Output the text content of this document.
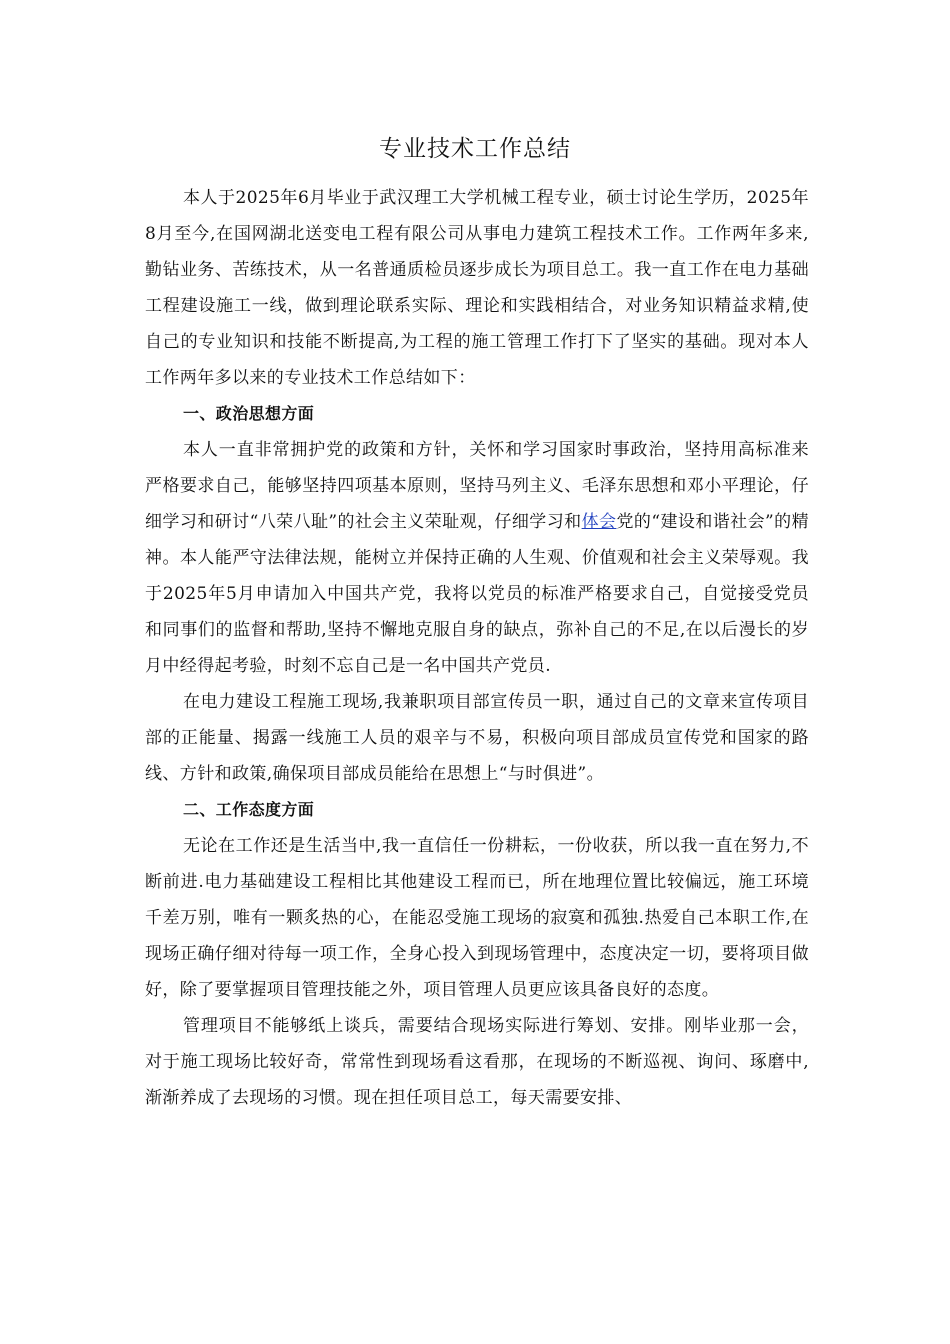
专业技术工作总结

本人于2025年6月毕业于武汉理工大学机械工程专业，硕士讨论生学历，2025年8月至今,在国网湖北送变电工程有限公司从事电力建筑工程技术工作。工作两年多来,勤钻业务、苦练技术，从一名普通质检员逐步成长为项目总工。我一直工作在电力基础工程建设施工一线，做到理论联系实际、理论和实践相结合，对业务知识精益求精,使自己的专业知识和技能不断提高,为工程的施工管理工作打下了坚实的基础。现对本人工作两年多以来的专业技术工作总结如下：

一、政治思想方面

本人一直非常拥护党的政策和方针，关怀和学习国家时事政治，坚持用高标准来严格要求自己，能够坚持四项基本原则，坚持马列主义、毛泽东思想和邓小平理论，仔细学习和研讨“八荣八耻”的社会主义荣耻观，仔细学习和体会党的“建设和谐社会”的精神。本人能严守法律法规，能树立并保持正确的人生观、价值观和社会主义荣辱观。我于2025年5月申请加入中国共产党，我将以党员的标准严格要求自己，自觉接受党员和同事们的监督和帮助,坚持不懈地克服自身的缺点，弥补自己的不足,在以后漫长的岁月中经得起考验，时刻不忘自己是一名中国共产党员.

在电力建设工程施工现场,我兼职项目部宣传员一职，通过自己的文章来宣传项目部的正能量、揭露一线施工人员的艰辛与不易，积极向项目部成员宣传党和国家的路线、方针和政策,确保项目部成员能给在思想上“与时俱进”。

二、工作态度方面

无论在工作还是生活当中,我一直信任一份耕耘，一份收获，所以我一直在努力,不断前进.电力基础建设工程相比其他建设工程而已，所在地理位置比较偏远，施工环境千差万别，唯有一颗炙热的心，在能忍受施工现场的寂寞和孤独.热爱自己本职工作,在现场正确仔细对待每一项工作，全身心投入到现场管理中，态度决定一切，要将项目做好，除了要掌握项目管理技能之外，项目管理人员更应该具备良好的态度。

管理项目不能够纸上谈兵，需要结合现场实际进行筹划、安排。刚毕业那一会，对于施工现场比较好奇，常常性到现场看这看那，在现场的不断巡视、询问、琢磨中,渐渐养成了去现场的习惯。现在担任项目总工，每天需要安排、
